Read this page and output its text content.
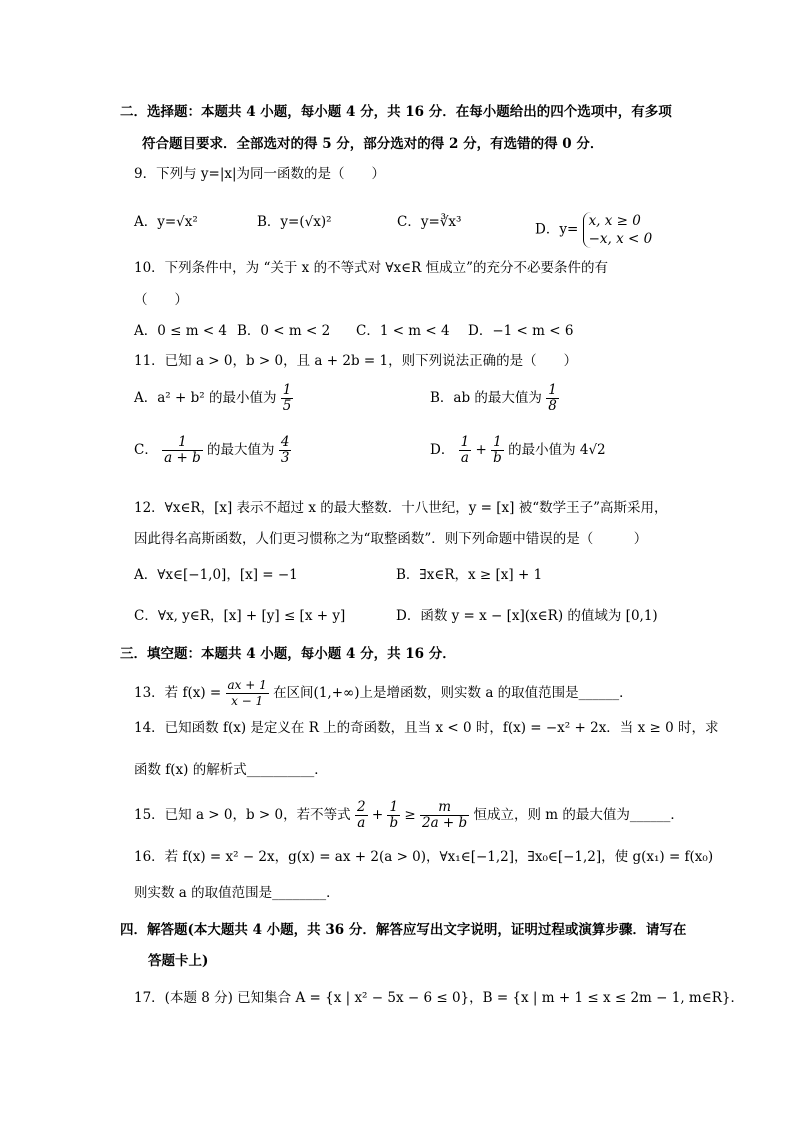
二．选择题：本题共 4 小题，每小题 4 分，共 16 分．在每小题给出的四个选项中，有多项
符合题目要求．全部选对的得 5 分，部分选对的得 2 分，有选错的得 0 分．
9．下列与 y=|x|为同一函数的是（　　）
A．y=√x²	B．y=(√x)²	C．y=∛x³	D．y=
x, x ≥ 0
−x, x < 0
10．下列条件中，为 “关于 x 的不等式对 ∀x∈R 恒成立”的充分不必要条件的有
（　　）
A．0 ≤ m < 4 B．0 < m < 2 C．1 < m < 4 D．−1 < m < 6
11．已知 a > 0，b > 0，且 a + 2b = 1，则下列说法正确的是（　　）
A．a² + b² 的最小值为 $\frac{1}{5}$	B．ab 的最大值为 $\frac{1}{8}$
C． $\frac{1}{a + b}$ 的最大值为 $\frac{4}{3}$	D． $\frac{1}{a} + \frac{1}{b}$ 的最小值为 4√2
12．∀x∈R，[x] 表示不超过 x 的最大整数．十八世纪，y = [x] 被“数学王子”高斯采用，
因此得名高斯函数，人们更习惯称之为“取整函数”．则下列命题中错误的是（　　　）
A．∀x∈[−1,0]，[x] = −1	B．∃x∈R，x ≥ [x] + 1
C．∀x, y∈R，[x] + [y] ≤ [x + y]	D．函数 y = x − [x](x∈R) 的值域为 [0,1)
三．填空题：本题共 4 小题，每小题 4 分，共 16 分．
13．若 $f(x) = \frac{ax + 1}{x - 1}$ 在区间(1,+∞)上是增函数，则实数 a 的取值范围是______．
14．已知函数 f(x) 是定义在 R 上的奇函数，且当 x < 0 时，f(x) = −x² + 2x．当 x ≥ 0 时，求
函数 f(x) 的解析式__________．
15．已知 a > 0，b > 0，若不等式 $\frac{2}{a} + \frac{1}{b} \ge \frac{m}{2a + b}$ 恒成立，则 m 的最大值为______．
16．若 f(x) = x² − 2x，g(x) = ax + 2(a > 0)，∀x₁∈[−1,2]，∃x₀∈[−1,2]，使 g(x₁) = f(x₀)
则实数 a 的取值范围是________．
四．解答题(本大题共 4 小题，共 36 分．解答应写出文字说明，证明过程或演算步骤．请写在
答题卡上)
17．(本题 8 分) 已知集合 A = {x | x² − 5x − 6 ≤ 0}，B = {x | m + 1 ≤ x ≤ 2m − 1, m∈R}．
